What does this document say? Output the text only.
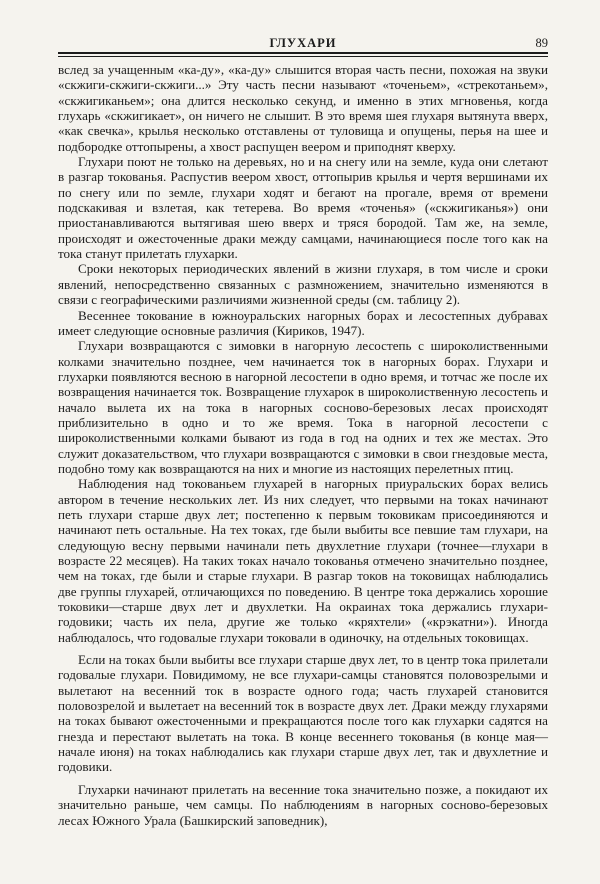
ГЛУХАРИ	89

вслед за учащенным «ка-ду», «ка-ду» слышится вторая часть песни, похожая на звуки «скжиги-скжиги-скжиги...» Эту часть песни называют «точеньем», «стрекотаньем», «скжигиканьем»; она длится несколько секунд, и именно в этих мгновенья, когда глухарь «скжигикает», он ничего не слышит. В это время шея глухаря вытянута вверх, «как свечка», крылья несколько отставлены от туловища и опущены, перья на шее и подбородке оттопырены, а хвост распущен веером и приподнят кверху.

Глухари поют не только на деревьях, но и на снегу или на земле, куда они слетают в разгар токованья. Распустив веером хвост, оттопырив крылья и чертя вершинами их по снегу или по земле, глухари ходят и бегают на прогале, время от времени подскакивая и взлетая, как тетерева. Во время «точенья» («скжигиканья») они приостанавливаются вытягивая шею вверх и тряся бородой. Там же, на земле, происходят и ожесточенные драки между самцами, начинающиеся после того как на тока станут прилетать глухарки.

Сроки некоторых периодических явлений в жизни глухаря, в том числе и сроки явлений, непосредственно связанных с размножением, значительно изменяются в связи с географическими различиями жизненной среды (см. таблицу 2).

Весеннее токование в южноуральских нагорных борах и лесостепных дубравах имеет следующие основные различия (Кириков, 1947).

Глухари возвращаются с зимовки в нагорную лесостепь с широколиственными колками значительно позднее, чем начинается ток в нагорных борах. Глухари и глухарки появляются весною в нагорной лесостепи в одно время, и тотчас же после их возвращения начинается ток. Возвращение глухарок в широколиственную лесостепь и начало вылета их на тока в нагорных сосново-березовых лесах происходят приблизительно в одно и то же время. Тока в нагорной лесостепи с широколиственными колками бывают из года в год на одних и тех же местах. Это служит доказательством, что глухари возвращаются с зимовки в свои гнездовые места, подобно тому как возвращаются на них и многие из настоящих перелетных птиц.

Наблюдения над токованьем глухарей в нагорных приуральских борах велись автором в течение нескольких лет. Из них следует, что первыми на токах начинают петь глухари старше двух лет; постепенно к первым токовикам присоединяются и начинают петь остальные. На тех токах, где были выбиты все певшие там глухари, на следующую весну первыми начинали петь двухлетние глухари (точнее—глухари в возрасте 22 месяцев). На таких токах начало токованья отмечено значительно позднее, чем на токах, где были и старые глухари. В разгар токов на токовищах наблюдались две группы глухарей, отличающихся по поведению. В центре тока держались хорошие токовики—старше двух лет и двухлетки. На окраинах тока держались глухари-годовики; часть их пела, другие же только «кряхтели» («крэкатни»). Иногда наблюдалось, что годовалые глухари токовали в одиночку, на отдельных токовищах.

Если на токах были выбиты все глухари старше двух лет, то в центр тока прилетали годовалые глухари. Повидимому, не все глухари-самцы становятся половозрелыми и вылетают на весенний ток в возрасте одного года; часть глухарей становится половозрелой и вылетает на весенний ток в возрасте двух лет. Драки между глухарями на токах бывают ожесточенными и прекращаются после того как глухарки садятся на гнезда и перестают вылетать на тока. В конце весеннего токованья (в конце мая—начале июня) на токах наблюдались как глухари старше двух лет, так и двухлетние и годовики.

Глухарки начинают прилетать на весенние тока значительно позже, а покидают их значительно раньше, чем самцы. По наблюдениям в нагорных сосново-березовых лесах Южного Урала (Башкирский заповедник),
